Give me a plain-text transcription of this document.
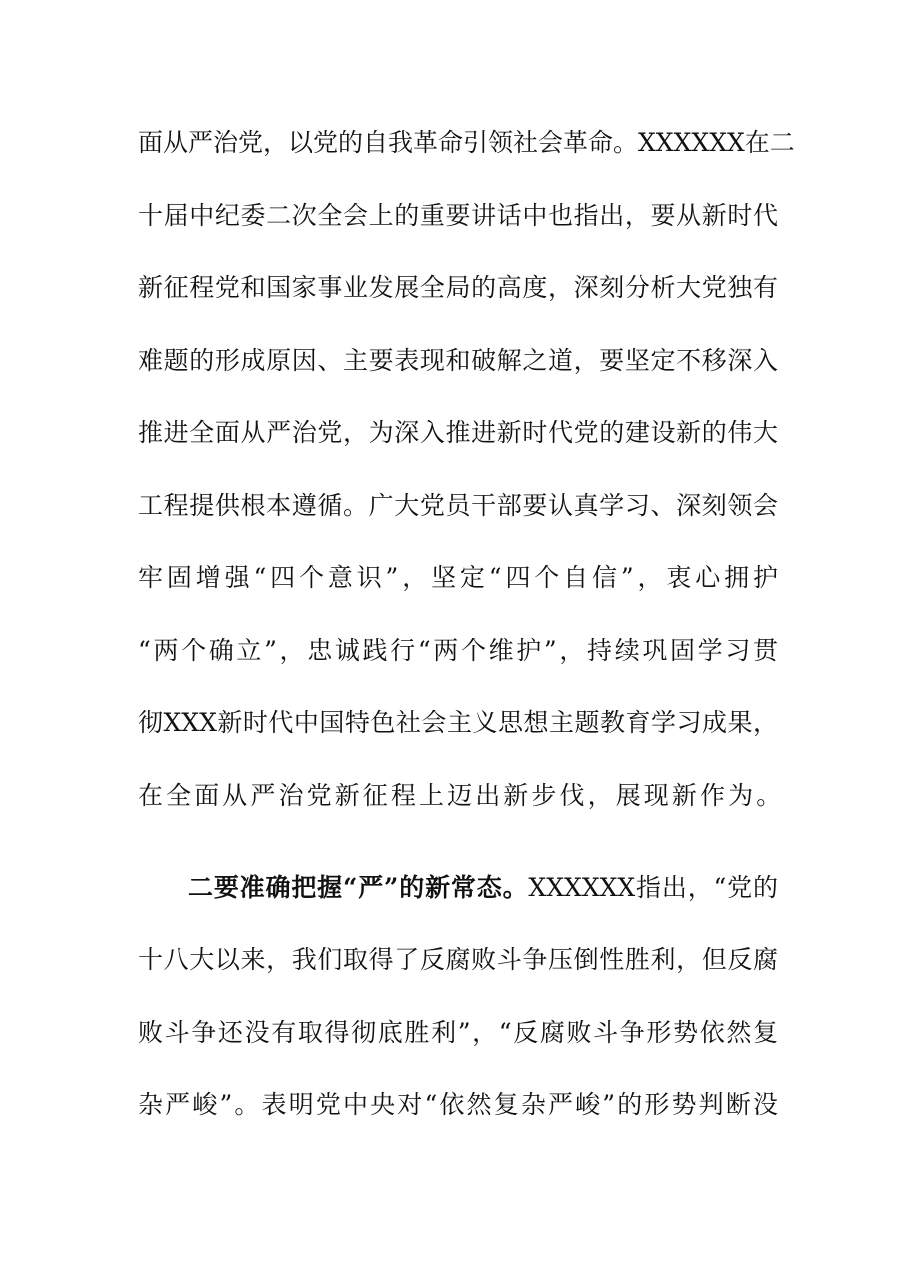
面从严治党，以党的自我革命引领社会革命。XXXXXX在二
十届中纪委二次全会上的重要讲话中也指出，要从新时代
新征程党和国家事业发展全局的高度，深刻分析大党独有
难题的形成原因、主要表现和破解之道，要坚定不移深入
推进全面从严治党，为深入推进新时代党的建设新的伟大
工程提供根本遵循。广大党员干部要认真学习、深刻领会
牢固增强“四个意识”，坚定“四个自信”，衷心拥护
“两个确立”，忠诚践行“两个维护”，持续巩固学习贯
彻XXX新时代中国特色社会主义思想主题教育学习成果，
在全面从严治党新征程上迈出新步伐，展现新作为。
二要准确把握“严”的新常态。XXXXXX指出，“党的
十八大以来，我们取得了反腐败斗争压倒性胜利，但反腐
败斗争还没有取得彻底胜利”，“反腐败斗争形势依然复
杂严峻”。表明党中央对“依然复杂严峻”的形势判断没
